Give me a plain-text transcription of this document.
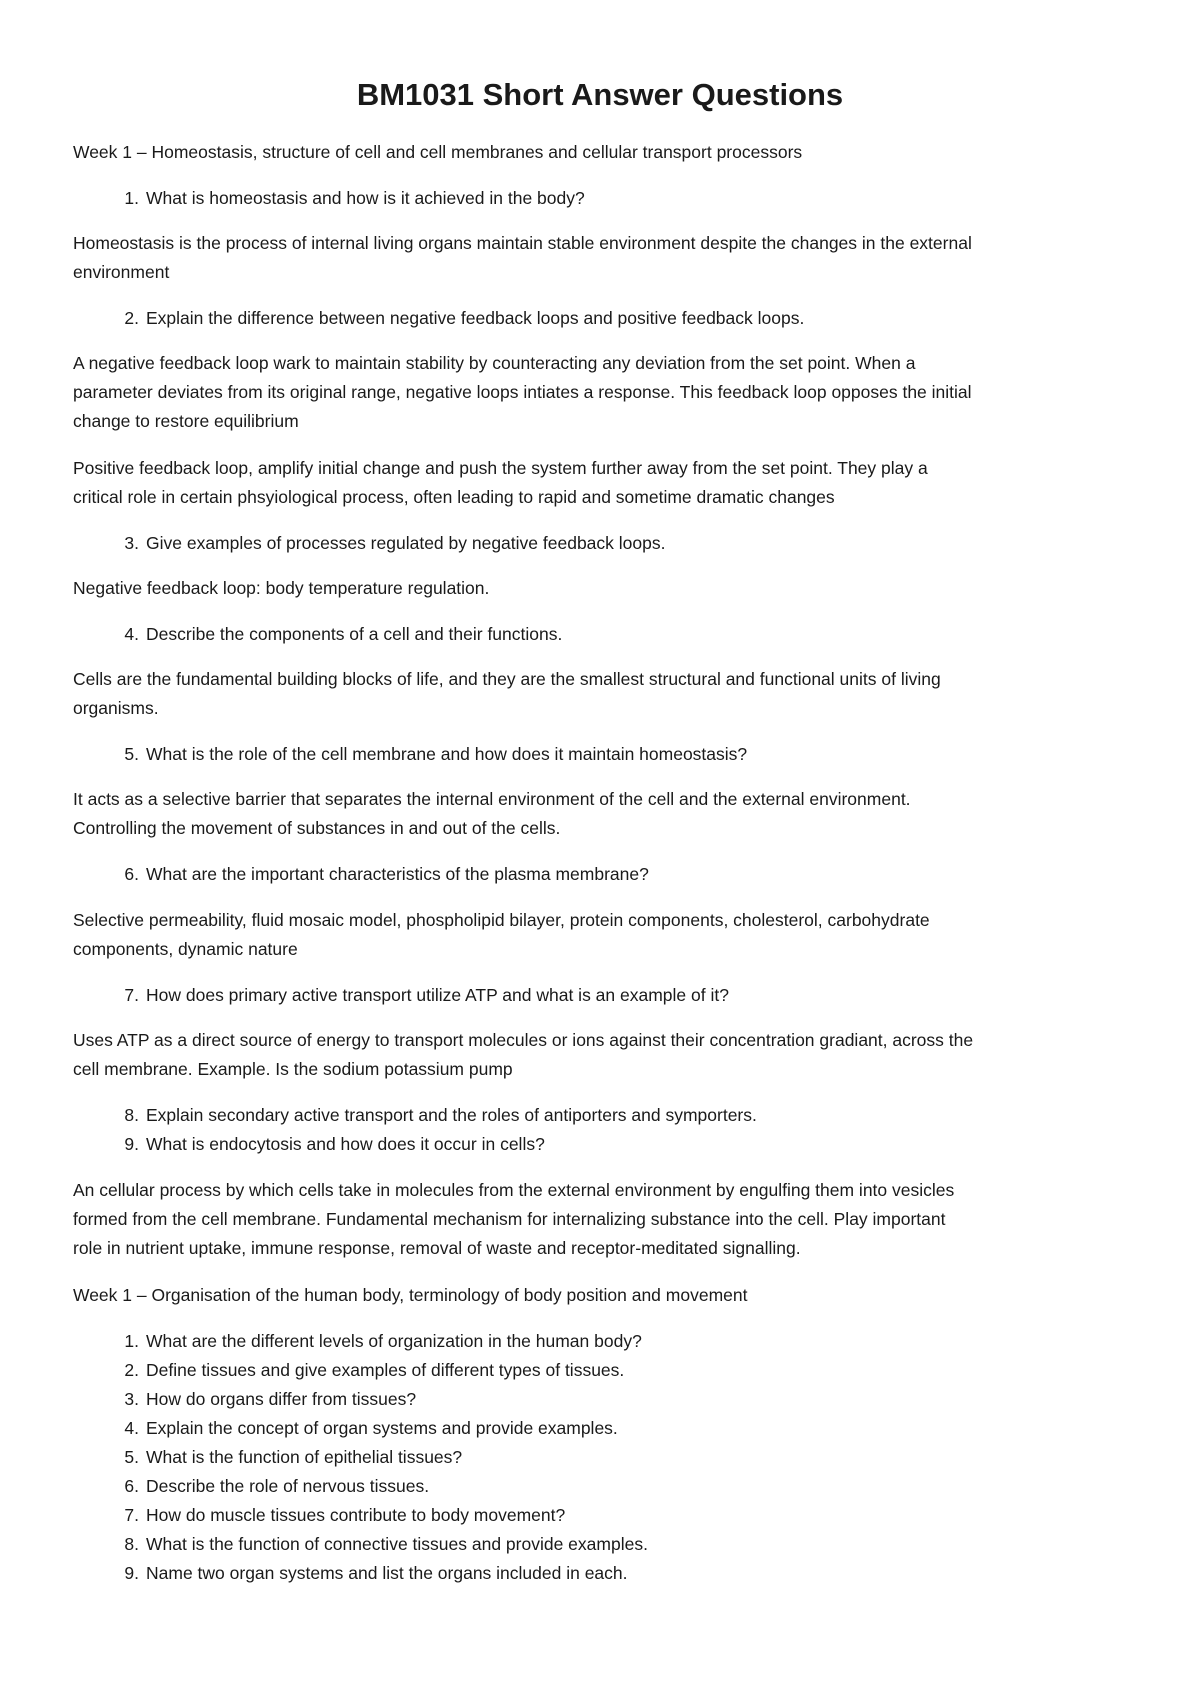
BM1031 Short Answer Questions
Week 1 – Homeostasis, structure of cell and cell membranes and cellular transport processors
1. What is homeostasis and how is it achieved in the body?
Homeostasis is the process of internal living organs maintain stable environment despite the changes in the external
environment
2. Explain the difference between negative feedback loops and positive feedback loops.
A negative feedback loop wark to maintain stability by counteracting any deviation from the set point. When a
parameter deviates from its original range, negative loops intiates a response. This feedback loop opposes the initial
change to restore equilibrium
Positive feedback loop, amplify initial change and push the system further away from the set point. They play a
critical role in certain phsyiological process, often leading to rapid and sometime dramatic changes
3. Give examples of processes regulated by negative feedback loops.
Negative feedback loop: body temperature regulation.
4. Describe the components of a cell and their functions.
Cells are the fundamental building blocks of life, and they are the smallest structural and functional units of living
organisms.
5. What is the role of the cell membrane and how does it maintain homeostasis?
It acts as a selective barrier that separates the internal environment of the cell and the external environment.
Controlling the movement of substances in and out of the cells.
6. What are the important characteristics of the plasma membrane?
Selective permeability, fluid mosaic model, phospholipid bilayer, protein components, cholesterol, carbohydrate
components, dynamic nature
7. How does primary active transport utilize ATP and what is an example of it?
Uses ATP as a direct source of energy to transport molecules or ions against their concentration gradiant, across the
cell membrane. Example. Is the sodium potassium pump
8. Explain secondary active transport and the roles of antiporters and symporters.
9. What is endocytosis and how does it occur in cells?
An cellular process by which cells take in molecules from the external environment by engulfing them into vesicles
formed from the cell membrane. Fundamental mechanism for internalizing substance into the cell. Play important
role in nutrient uptake, immune response, removal of waste and receptor-meditated signalling.
Week 1 – Organisation of the human body, terminology of body position and movement
1. What are the different levels of organization in the human body?
2. Define tissues and give examples of different types of tissues.
3. How do organs differ from tissues?
4. Explain the concept of organ systems and provide examples.
5. What is the function of epithelial tissues?
6. Describe the role of nervous tissues.
7. How do muscle tissues contribute to body movement?
8. What is the function of connective tissues and provide examples.
9. Name two organ systems and list the organs included in each.
